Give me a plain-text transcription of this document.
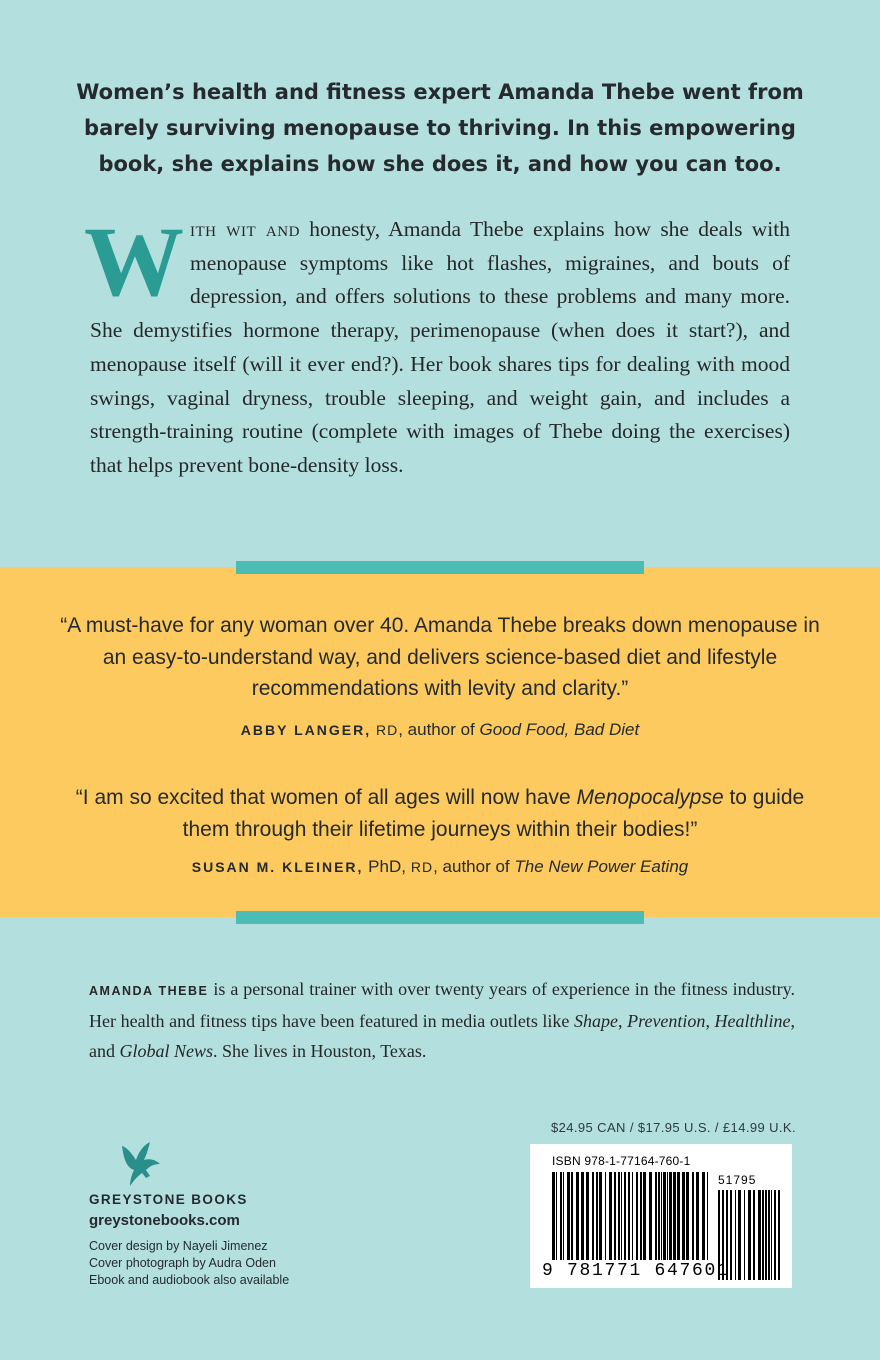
Women’s health and fitness expert Amanda Thebe went from barely surviving menopause to thriving. In this empowering book, she explains how she does it, and how you can too.
With wit and honesty, Amanda Thebe explains how she deals with menopause symptoms like hot flashes, migraines, and bouts of depression, and offers solutions to these problems and many more. She demystifies hormone therapy, perimenopause (when does it start?), and menopause itself (will it ever end?). Her book shares tips for dealing with mood swings, vaginal dryness, trouble sleeping, and weight gain, and includes a strength-training routine (complete with images of Thebe doing the exercises) that helps prevent bone-density loss.
“A must-have for any woman over 40. Amanda Thebe breaks down menopause in an easy-to-understand way, and delivers science-based diet and lifestyle recommendations with levity and clarity.”
ABBY LANGER, RD, author of Good Food, Bad Diet
“I am so excited that women of all ages will now have Menopocalypse to guide them through their lifetime journeys within their bodies!”
SUSAN M. KLEINER, PhD, RD, author of The New Power Eating
AMANDA THEBE is a personal trainer with over twenty years of experience in the fitness industry. Her health and fitness tips have been featured in media outlets like Shape, Prevention, Healthline, and Global News. She lives in Houston, Texas.
$24.95 CAN / $17.95 U.S. / £14.99 U.K.
ISBN 978-1-77164-760-1
51795
9 781771 647601
GREYSTONE BOOKS
greystonebooks.com
Cover design by Nayeli Jimenez
Cover photograph by Audra Oden
Ebook and audiobook also available
